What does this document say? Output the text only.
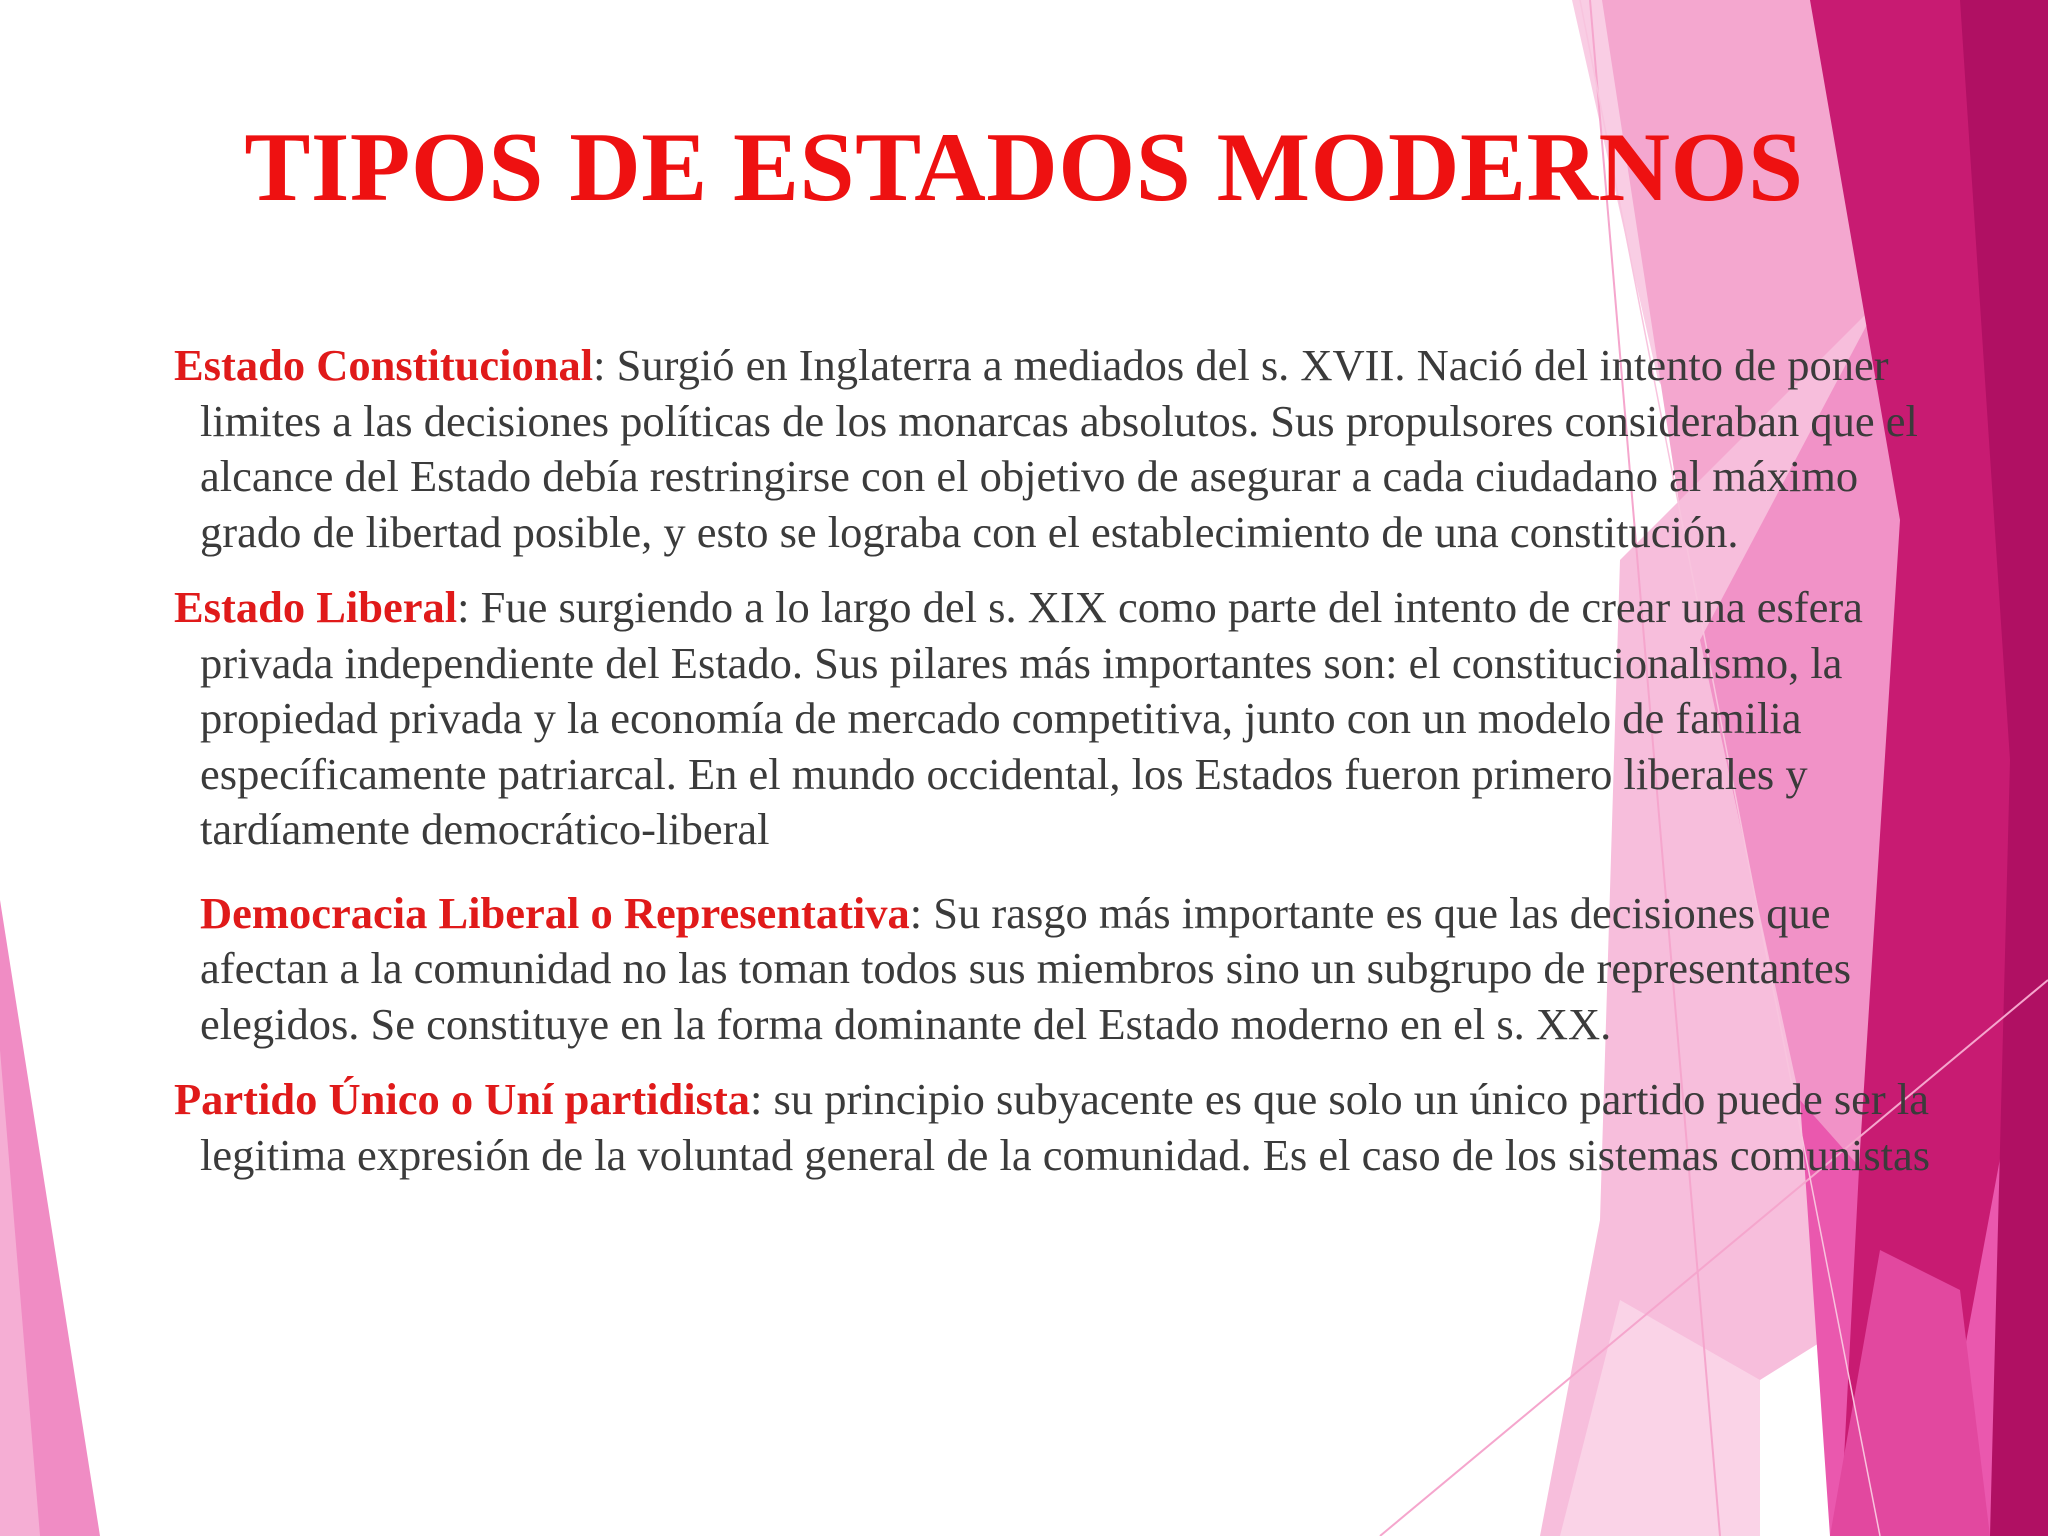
TIPOS DE ESTADOS MODERNOS

Estado Constitucional: Surgió en Inglaterra a mediados del s. XVII. Nació del intento de poner limites a las decisiones políticas de los monarcas absolutos. Sus propulsores consideraban que el alcance del Estado debía restringirse con el objetivo de asegurar a cada ciudadano al máximo grado de libertad posible, y esto se lograba con el establecimiento de una constitución.

Estado Liberal: Fue surgiendo a lo largo del s. XIX como parte del intento de crear una esfera privada independiente del Estado. Sus pilares más importantes son: el constitucionalismo, la propiedad privada y la economía de mercado competitiva, junto con un modelo de familia específicamente patriarcal. En el mundo occidental, los Estados fueron primero liberales y tardíamente democrático-liberal

Democracia Liberal o Representativa: Su rasgo más importante es que las decisiones que afectan a la comunidad no las toman todos sus miembros sino un subgrupo de representantes elegidos. Se constituye en la forma dominante del Estado moderno en el s. XX.

Partido Único o Uní partidista: su principio subyacente es que solo un único partido puede ser la legitima expresión de la voluntad general de la comunidad. Es el caso de los sistemas comunistas
